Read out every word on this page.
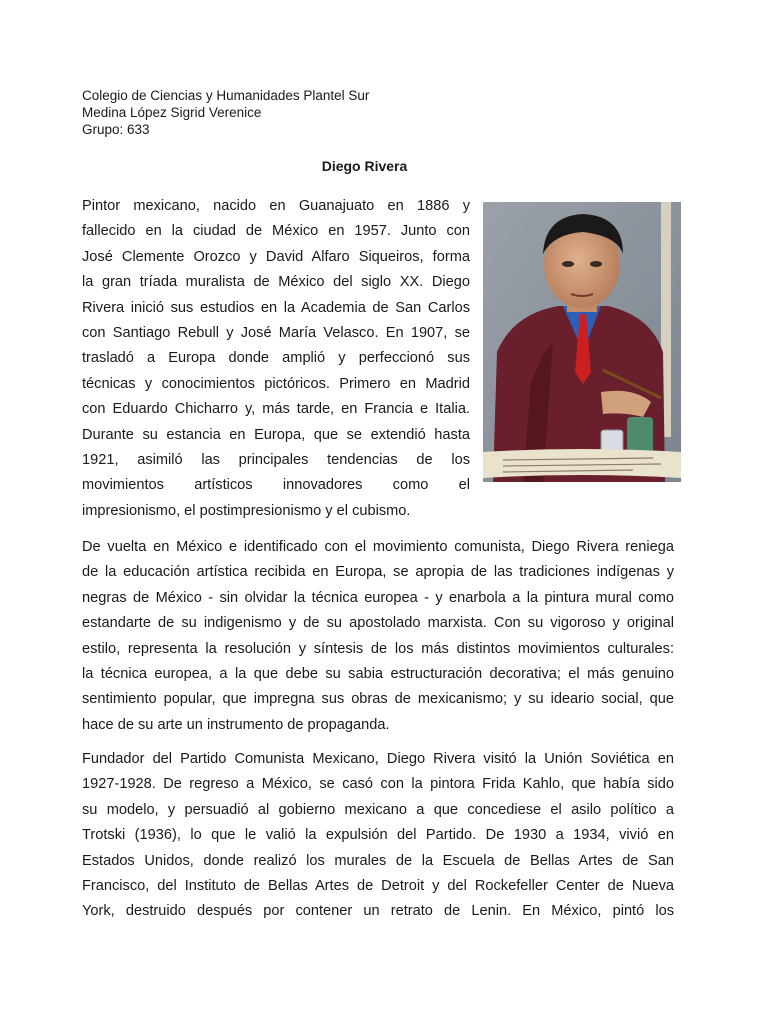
Colegio de Ciencias y Humanidades Plantel Sur
Medina López Sigrid Verenice
Grupo: 633
Diego Rivera

Pintor mexicano, nacido en Guanajuato en 1886 y
fallecido en la ciudad de México en 1957. Junto con
José Clemente Orozco y David Alfaro Siqueiros, forma
la gran tríada muralista de México del siglo XX. Diego
Rivera inició sus estudios en la Academia de San Carlos
con Santiago Rebull y José María Velasco. En 1907, se
trasladó a Europa donde amplió y perfeccionó sus
técnicas y conocimientos pictóricos. Primero en Madrid
con Eduardo Chicharro y, más tarde, en Francia e Italia.
Durante su estancia en Europa, que se extendió hasta
1921, asimiló las principales tendencias de los
movimientos artísticos innovadores como el
impresionismo, el postimpresionismo y el cubismo.

De vuelta en México e identificado con el movimiento comunista, Diego Rivera reniega
de la educación artística recibida en Europa, se apropia de las tradiciones indígenas y
negras de México - sin olvidar la técnica europea - y enarbola a la pintura mural como
estandarte de su indigenismo y de su apostolado marxista. Con su vigoroso y original
estilo, representa la resolución y síntesis de los más distintos movimientos culturales:
la técnica europea, a la que debe su sabia estructuración decorativa; el más genuino
sentimiento popular, que impregna sus obras de mexicanismo; y su ideario social, que
hace de su arte un instrumento de propaganda.

Fundador del Partido Comunista Mexicano, Diego Rivera visitó la Unión Soviética en
1927-1928. De regreso a México, se casó con la pintora Frida Kahlo, que había sido
su modelo, y persuadió al gobierno mexicano a que concediese el asilo político a
Trotski (1936), lo que le valió la expulsión del Partido. De 1930 a 1934, vivió en
Estados Unidos, donde realizó los murales de la Escuela de Bellas Artes de San
Francisco, del Instituto de Bellas Artes de Detroit y del Rockefeller Center de Nueva
York, destruido después por contener un retrato de Lenin. En México, pintó los
